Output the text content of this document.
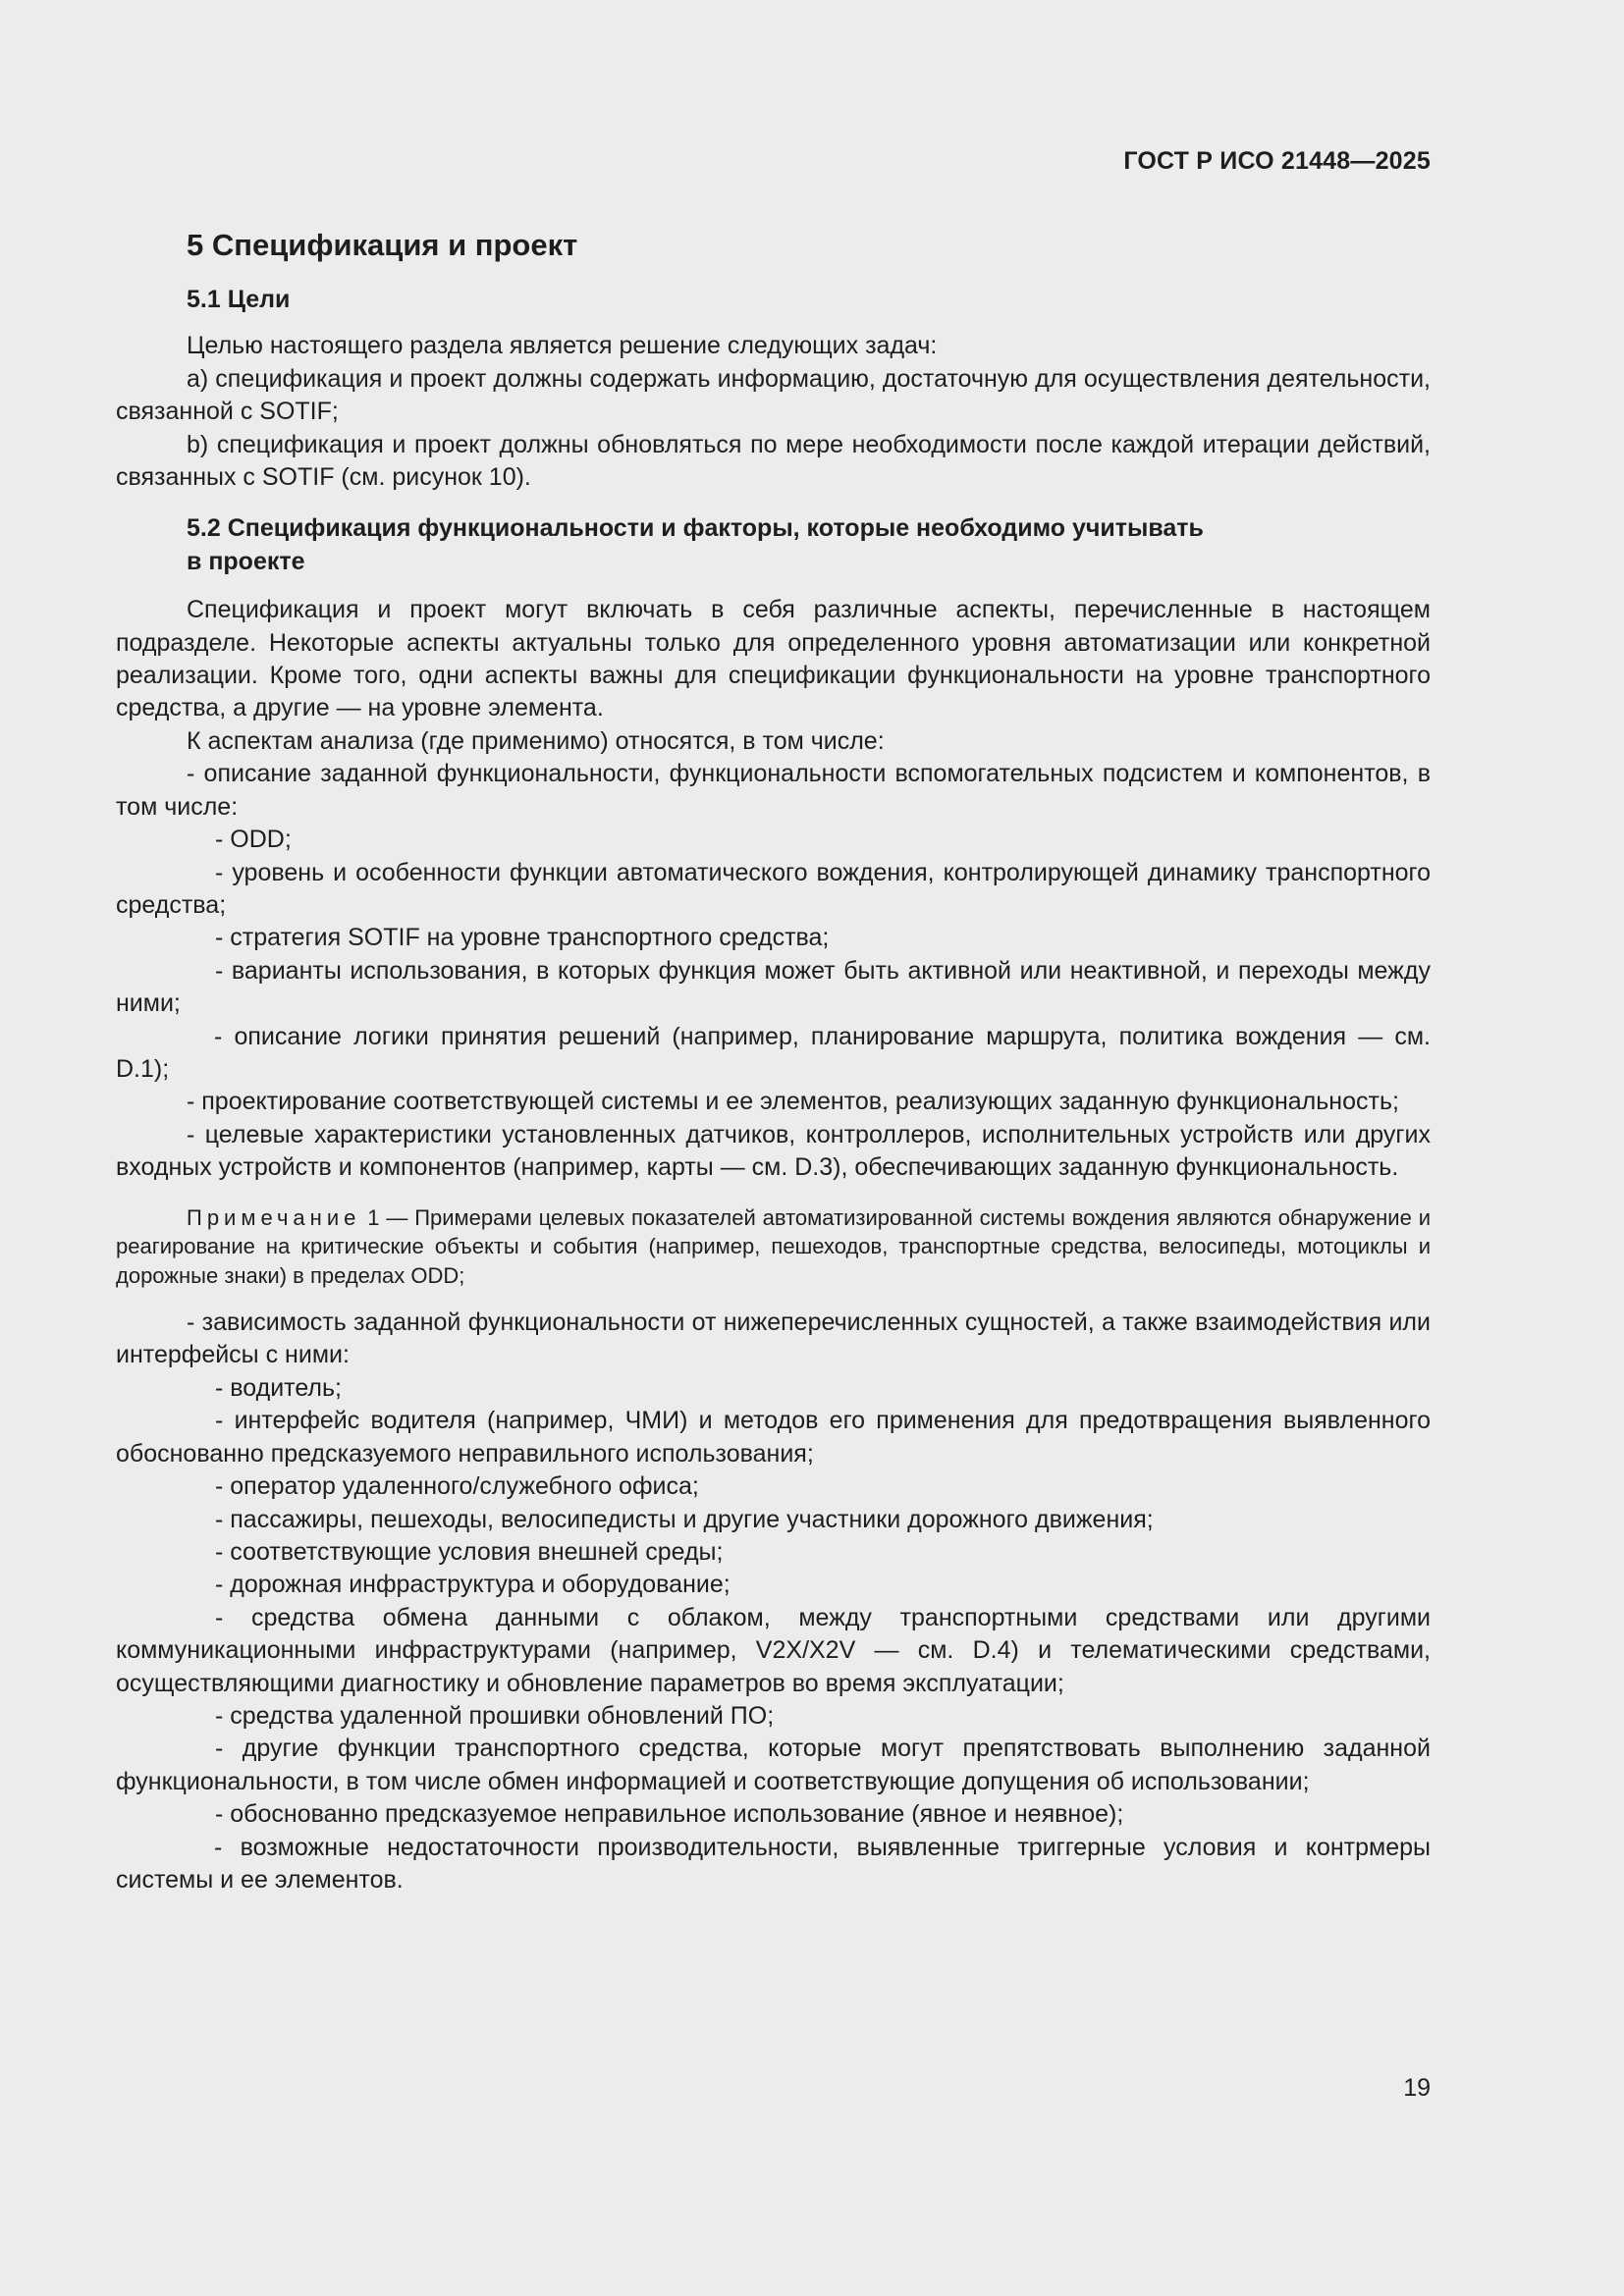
ГОСТ Р ИСО 21448—2025
5 Спецификация и проект
5.1 Цели

Целью настоящего раздела является решение следующих задач:

a) спецификация и проект должны содержать информацию, достаточную для осуществления деятельности, связанной с SOTIF;

b) спецификация и проект должны обновляться по мере необходимости после каждой итерации действий, связанных с SOTIF (см. рисунок 10).

5.2 Спецификация функциональности и факторы, которые необходимо учитывать
в проекте

Спецификация и проект могут включать в себя различные аспекты, перечисленные в настоящем подразделе. Некоторые аспекты актуальны только для определенного уровня автоматизации или конкретной реализации. Кроме того, одни аспекты важны для спецификации функциональности на уровне транспортного средства, а другие — на уровне элемента.

К аспектам анализа (где применимо) относятся, в том числе:

- описание заданной функциональности, функциональности вспомогательных подсистем и компонентов, в том числе:

- ODD;

- уровень и особенности функции автоматического вождения, контролирующей динамику транспортного средства;

- стратегия SOTIF на уровне транспортного средства;

- варианты использования, в которых функция может быть активной или неактивной, и переходы между ними;

- описание логики принятия решений (например, планирование маршрута, политика вождения — см. D.1);

- проектирование соответствующей системы и ее элементов, реализующих заданную функциональность;

- целевые характеристики установленных датчиков, контроллеров, исполнительных устройств или других входных устройств и компонентов (например, карты — см. D.3), обеспечивающих заданную функциональность.

Примечание 1 — Примерами целевых показателей автоматизированной системы вождения являются обнаружение и реагирование на критические объекты и события (например, пешеходов, транспортные средства, велосипеды, мотоциклы и дорожные знаки) в пределах ODD;

- зависимость заданной функциональности от нижеперечисленных сущностей, а также взаимодействия или интерфейсы с ними:

- водитель;

- интерфейс водителя (например, ЧМИ) и методов его применения для предотвращения выявленного обоснованно предсказуемого неправильного использования;

- оператор удаленного/служебного офиса;

- пассажиры, пешеходы, велосипедисты и другие участники дорожного движения;

- соответствующие условия внешней среды;

- дорожная инфраструктура и оборудование;

- средства обмена данными с облаком, между транспортными средствами или другими коммуникационными инфраструктурами (например, V2X/X2V — см. D.4) и телематическими средствами, осуществляющими диагностику и обновление параметров во время эксплуатации;

- средства удаленной прошивки обновлений ПО;

- другие функции транспортного средства, которые могут препятствовать выполнению заданной функциональности, в том числе обмен информацией и соответствующие допущения об использовании;

- обоснованно предсказуемое неправильное использование (явное и неявное);

- возможные недостаточности производительности, выявленные триггерные условия и контрмеры системы и ее элементов.

19
